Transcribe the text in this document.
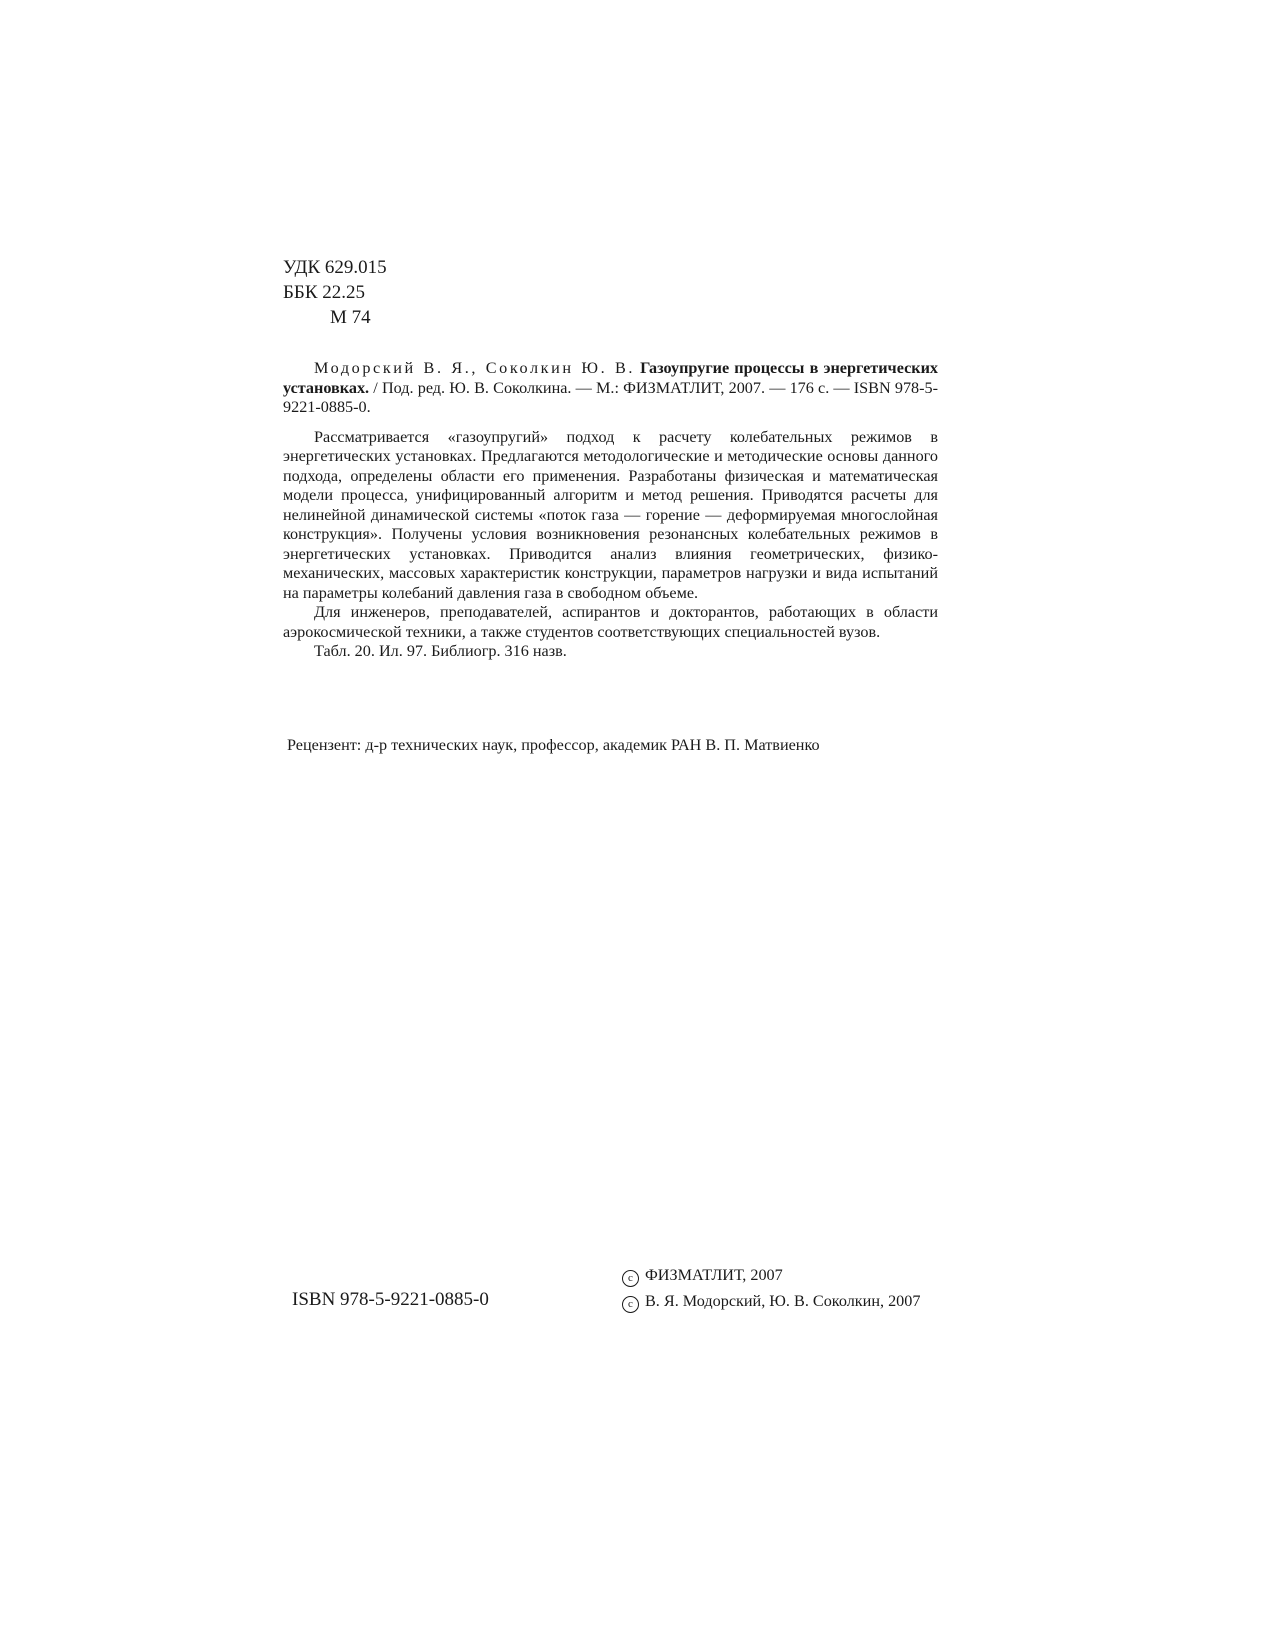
УДК 629.015
ББК 22.25
М 74

Модорский В. Я., Соколкин Ю. В. Газоупругие процессы в энергетических установках. / Под. ред. Ю. В. Соколкина. — М.: ФИЗМАТЛИТ, 2007. — 176 с. — ISBN 978-5-9221-0885-0.

Рассматривается «газоупругий» подход к расчету колебательных режимов в энергетических установках. Предлагаются методологические и методические основы данного подхода, определены области его применения. Разработаны физическая и математическая модели процесса, унифицированный алгоритм и метод решения. Приводятся расчеты для нелинейной динамической системы «поток газа — горение — деформируемая многослойная конструкция». Получены условия возникновения резонансных колебательных режимов в энергетических установках. Приводится анализ влияния геометрических, физико-механических, массовых характеристик конструкции, параметров нагрузки и вида испытаний на параметры колебаний давления газа в свободном объеме.

Для инженеров, преподавателей, аспирантов и докторантов, работающих в области аэрокосмической техники, а также студентов соответствующих специальностей вузов.

Табл. 20. Ил. 97. Библиогр. 316 назв.

Рецензент: д-р технических наук, профессор, академик РАН В. П. Матвиенко
ISBN 978-5-9221-0885-0
c ФИЗМАТЛИТ, 2007
c В. Я. Модорский, Ю. В. Соколкин, 2007
